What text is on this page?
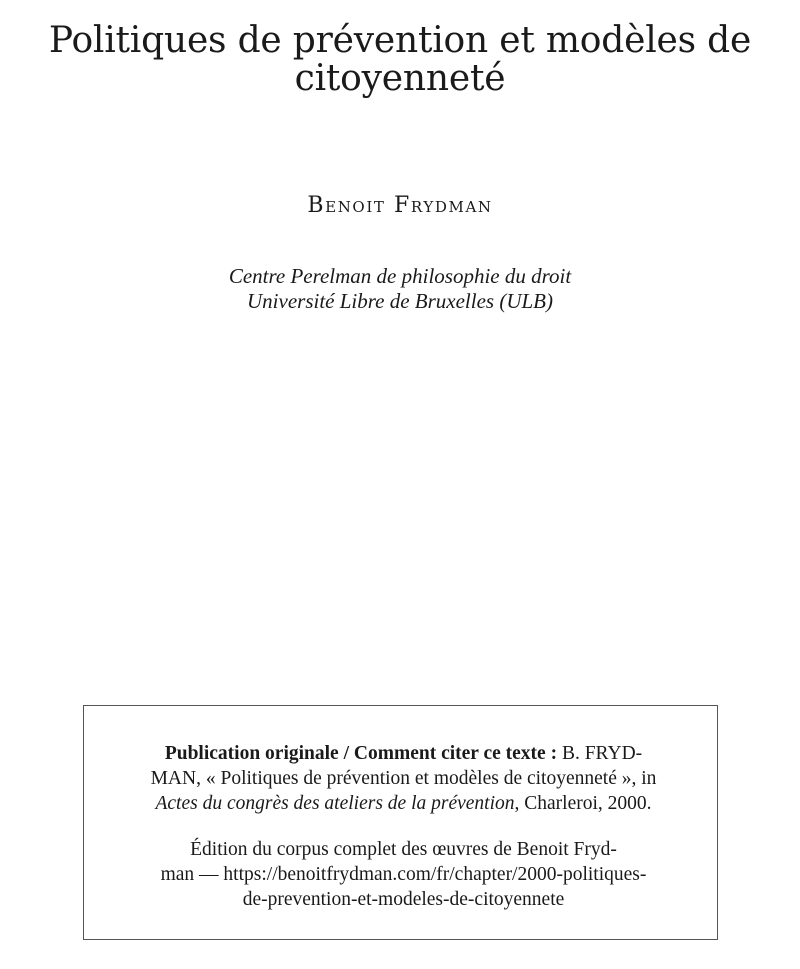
Politiques de prévention et modèles de
citoyenneté
Benoit Frydman
Centre Perelman de philosophie du droit
Université Libre de Bruxelles (ULB)

Publication originale / Comment citer ce texte : B. FRYD-
MAN, « Politiques de prévention et modèles de citoyenneté », in
Actes du congrès des ateliers de la prévention, Charleroi, 2000.

Édition du corpus complet des œuvres de Benoit Fryd-
man — https://benoitfrydman.com/fr/chapter/2000-politiques-
de-prevention-et-modeles-de-citoyennete
